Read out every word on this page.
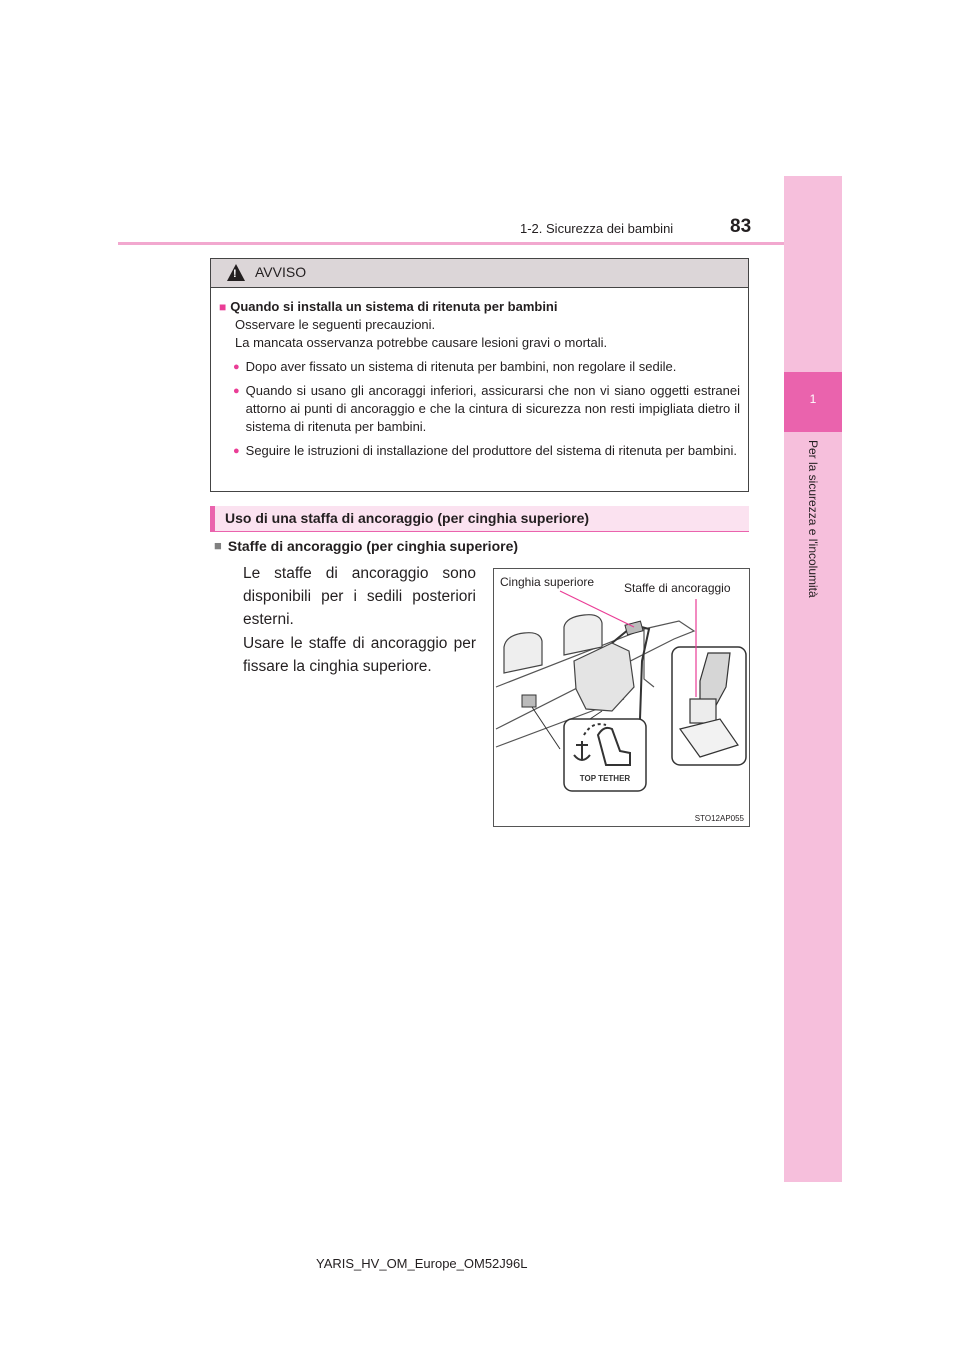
1
Per la sicurezza e l'incolumità
1-2. Sicurezza dei bambini	83
! AVVISO
■ Quando si installa un sistema di ritenuta per bambini
Osservare le seguenti precauzioni.
La mancata osservanza potrebbe causare lesioni gravi o mortali.
● Dopo aver fissato un sistema di ritenuta per bambini, non regolare il sedile.
● Quando si usano gli ancoraggi inferiori, assicurarsi che non vi siano oggetti estranei attorno ai punti di ancoraggio e che la cintura di sicurezza non resti impigliata dietro il sistema di ritenuta per bambini.
● Seguire le istruzioni di installazione del produttore del sistema di ritenuta per bambini.
Uso di una staffa di ancoraggio (per cinghia superiore)
■ Staffe di ancoraggio (per cinghia superiore)
Le staffe di ancoraggio sono disponibili per i sedili posteriori esterni.
Usare le staffe di ancoraggio per fissare la cinghia superiore.
TOP TETHER
Cinghia superiore Staffe di ancoraggio
STO12AP055
YARIS_HV_OM_Europe_OM52J96L
